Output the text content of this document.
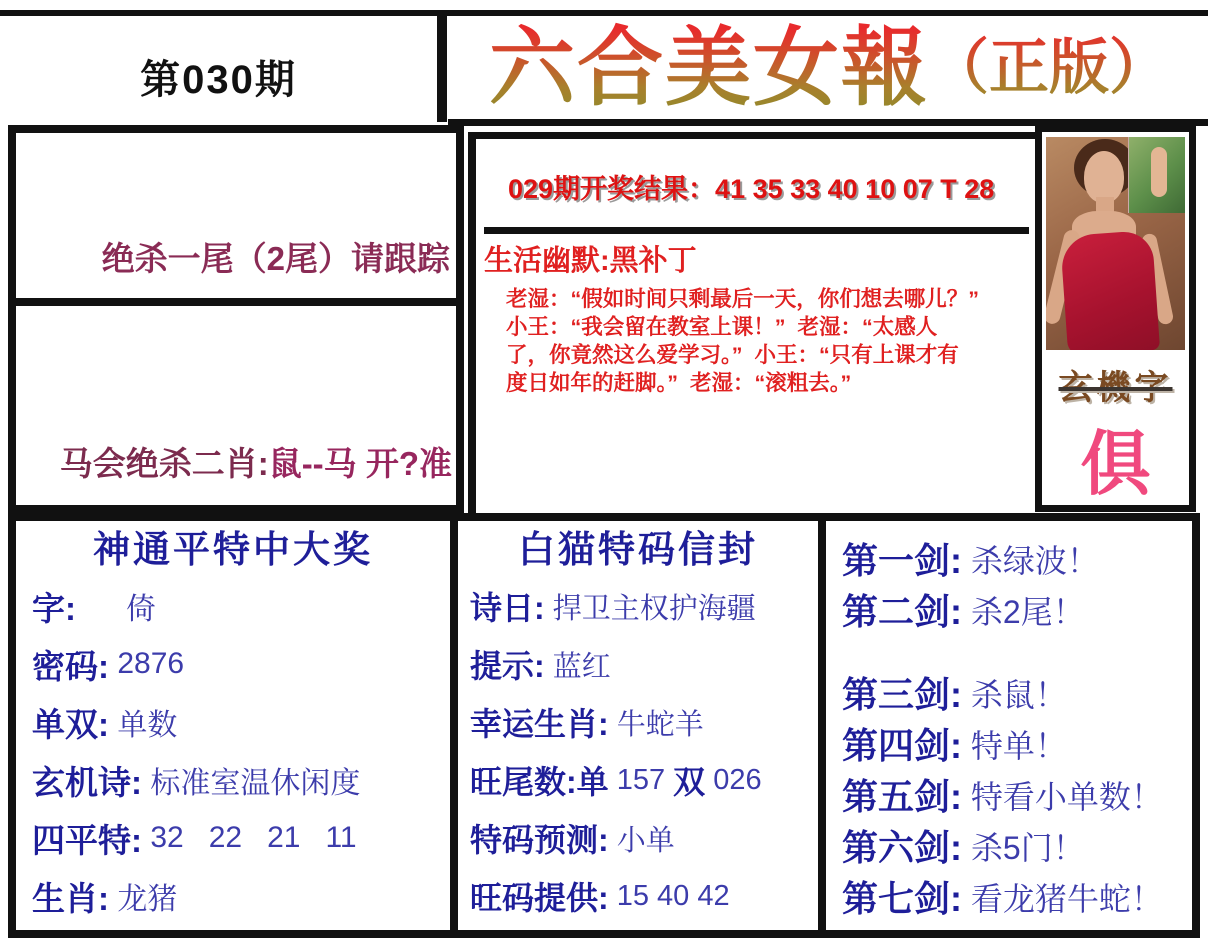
第030期	六合美女報（正版）
绝杀一尾（2尾）请跟踪
马会绝杀二肖:鼠--马 开?准
029期开奖结果：41 35 33 40 10 07 T 28
生活幽默:黑补丁
老湿：“假如时间只剩最后一天，你们想去哪儿？”
小王：“我会留在教室上课！”  老湿：“太感人
了，你竟然这么爱学习。”  小王：“只有上课才有
度日如年的赶脚。”  老湿：“滚粗去。”	玄機字
俱
神通平特中大奖
字: 倚
密码: 2876
单双: 单数
玄机诗: 标准室温休闲度
四平特: 32   22   21   11
生肖: 龙猪
白猫特码信封
诗日: 捍卫主权护海疆
提示: 蓝红
幸运生肖: 牛蛇羊
旺尾数:单 157 双 026
特码预测: 小单
旺码提供: 15 40 42
第一剑: 杀绿波！
第二剑: 杀2尾！
第三剑: 杀鼠！
第四剑: 特单！
第五剑: 特看小单数！
第六剑: 杀5门！
第七剑: 看龙猪牛蛇！
